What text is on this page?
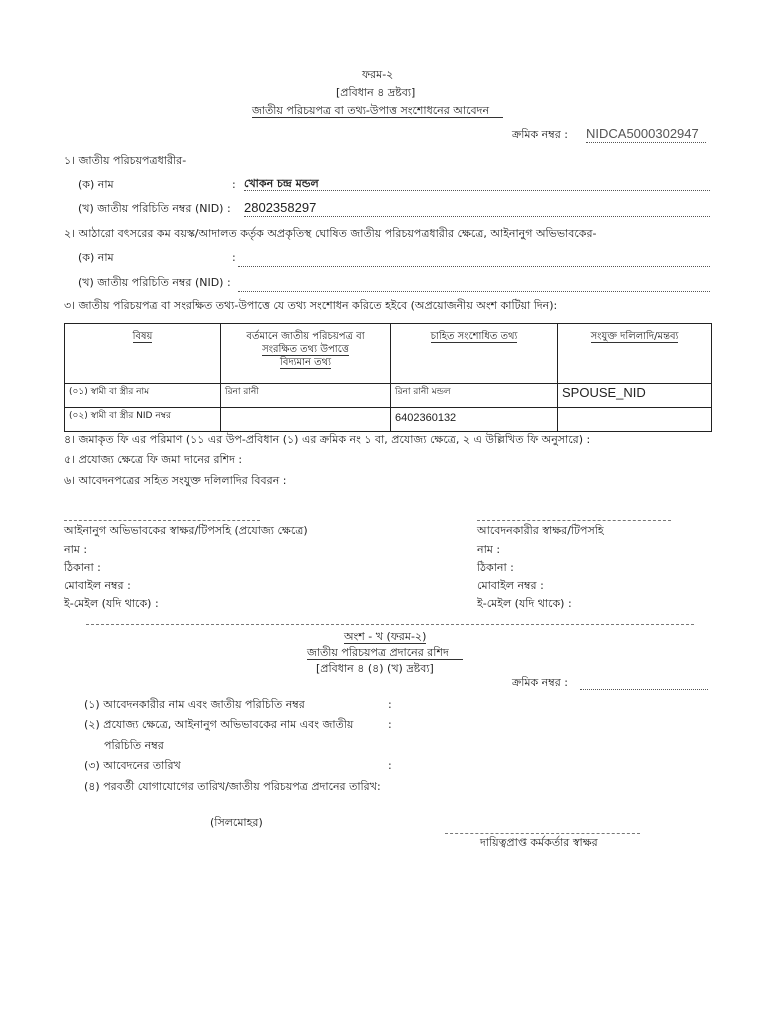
ফরম-২
[প্রবিধান ৪ দ্রষ্টব্য]
জাতীয় পরিচয়পত্র বা তথ্য-উপাত্ত সংশোধনের আবেদন
ক্রমিক নম্বর : NIDCA5000302947
১। জাতীয় পরিচয়পত্রধারীর-
(ক) নাম	: খোকন চন্দ্র মন্ডল
(খ) জাতীয় পরিচিতি নম্বর (NID) : 2802358297
২। আঠারো বৎসরের কম বয়স্ক/আদালত কর্তৃক অপ্রকৃতিস্থ ঘোষিত জাতীয় পরিচয়পত্রধারীর ক্ষেত্রে, আইনানুগ অভিভাবকের-
(ক) নাম	:
(খ) জাতীয় পরিচিতি নম্বর (NID) :
৩। জাতীয় পরিচয়পত্র বা সংরক্ষিত তথ্য-উপাত্তে যে তথ্য সংশোধন করিতে হইবে (অপ্রয়োজনীয় অংশ কাটিয়া দিন):
বিষয়	বর্তমানে জাতীয় পরিচয়পত্র বা
সংরক্ষিত তথ্য উপাত্তে
বিদ্যমান তথ্য	চাহিত সংশোধিত তথ্য	সংযুক্ত দলিলাদি/মন্তব্য
(০১) স্বামী বা স্ত্রীর নাম	রিনা রানী	রিনা রানী মন্ডল	SPOUSE_NID
(০২) স্বামী বা স্ত্রীর NID নম্বর		6402360132	
৪। জমাকৃত ফি এর পরিমাণ (১১ এর উপ-প্রবিধান (১) এর ক্রমিক নং ১ বা, প্রযোজ্য ক্ষেত্রে, ২ এ উল্লিখিত ফি অনুসারে) :
৫। প্রযোজ্য ক্ষেত্রে ফি জমা দানের রশিদ :
৬। আবেদনপত্রের সহিত সংযুক্ত দলিলাদির বিবরন :
আইনানুগ অভিভাবকের স্বাক্ষর/টিপসহি (প্রযোজ্য ক্ষেত্রে)
নাম :
ঠিকানা :
মোবাইল নম্বর :
ই-মেইল (যদি থাকে) :
আবেদনকারীর স্বাক্ষর/টিপসহি
নাম :
ঠিকানা :
মোবাইল নম্বর :
ই-মেইল (যদি থাকে) :
অংশ - খ (ফরম-২)
জাতীয় পরিচয়পত্র প্রদানের রশিদ
[প্রবিধান ৪ (৪) (খ) দ্রষ্টব্য]
ক্রমিক নম্বর :
(১) আবেদনকারীর নাম এবং জাতীয় পরিচিতি নম্বর	:
(২) প্রযোজ্য ক্ষেত্রে, আইনানুগ অভিভাবকের নাম এবং জাতীয়	:
পরিচিতি নম্বর
(৩) আবেদনের তারিখ	:
(৪) পরবর্তী যোগাযোগের তারিখ/জাতীয় পরিচয়পত্র প্রদানের তারিখ:
(সিলমোহর)
দায়িত্বপ্রাপ্ত কর্মকর্তার স্বাক্ষর
